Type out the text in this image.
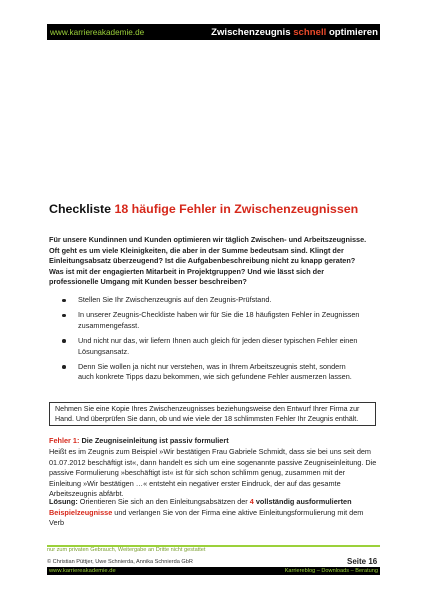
www.karriereakademie.de	Zwischenzeugnis schnell optimieren
Checkliste 18 häufige Fehler in Zwischenzeugnissen

Für unsere Kundinnen und Kunden optimieren wir täglich Zwischen- und Arbeitszeugnisse. Oft geht es um viele Kleinigkeiten, die aber in der Summe bedeutsam sind. Klingt der Einleitungsabsatz überzeugend? Ist die Aufgabenbeschreibung nicht zu knapp geraten? Was ist mit der engagierten Mitarbeit in Projektgruppen? Und wie lässt sich der professionelle Umgang mit Kunden besser beschreiben?

Stellen Sie Ihr Zwischenzeugnis auf den Zeugnis-Prüfstand.
In unserer Zeugnis-Checkliste haben wir für Sie die 18 häufigsten Fehler in Zeugnissen zusammengefasst.
Und nicht nur das, wir liefern Ihnen auch gleich für jeden dieser typischen Fehler einen Lösungsansatz.
Denn Sie wollen ja nicht nur verstehen, was in Ihrem Arbeitszeugnis steht, sondern auch konkrete Tipps dazu bekommen, wie sich gefundene Fehler ausmerzen lassen.
Nehmen Sie eine Kopie Ihres Zwischenzeugnisses beziehungsweise den Entwurf Ihrer Firma zur Hand. Und überprüfen Sie dann, ob und wie viele der 18 schlimmsten Fehler Ihr Zeugnis enthält.
Fehler 1: Die Zeugniseinleitung ist passiv formuliert

Heißt es im Zeugnis zum Beispiel »Wir bestätigen Frau Gabriele Schmidt, dass sie bei uns seit dem 01.07.2012 beschäftigt ist«, dann handelt es sich um eine sogenannte passive Zeugniseinleitung. Die passive Formulierung »beschäftigt ist« ist für sich schon schlimm genug, zusammen mit der Einleitung »Wir bestätigen …« entsteht ein negativer erster Eindruck, der auf das gesamte Arbeitszeugnis abfärbt.

Lösung: Orientieren Sie sich an den Einleitungsabsätzen der 4 vollständig ausformulierten
Beispielzeugnisse und verlangen Sie von der Firma eine aktive Einleitungsformulierung mit dem Verb

nur zum privaten Gebrauch, Weitergabe an Dritte nicht gestattet
© Christian Püttjer, Uwe Schnierda, Annika Schnierda GbR	Seite 16
www.karriereakademie.de	Karriereblog – Downloads – Beratung
